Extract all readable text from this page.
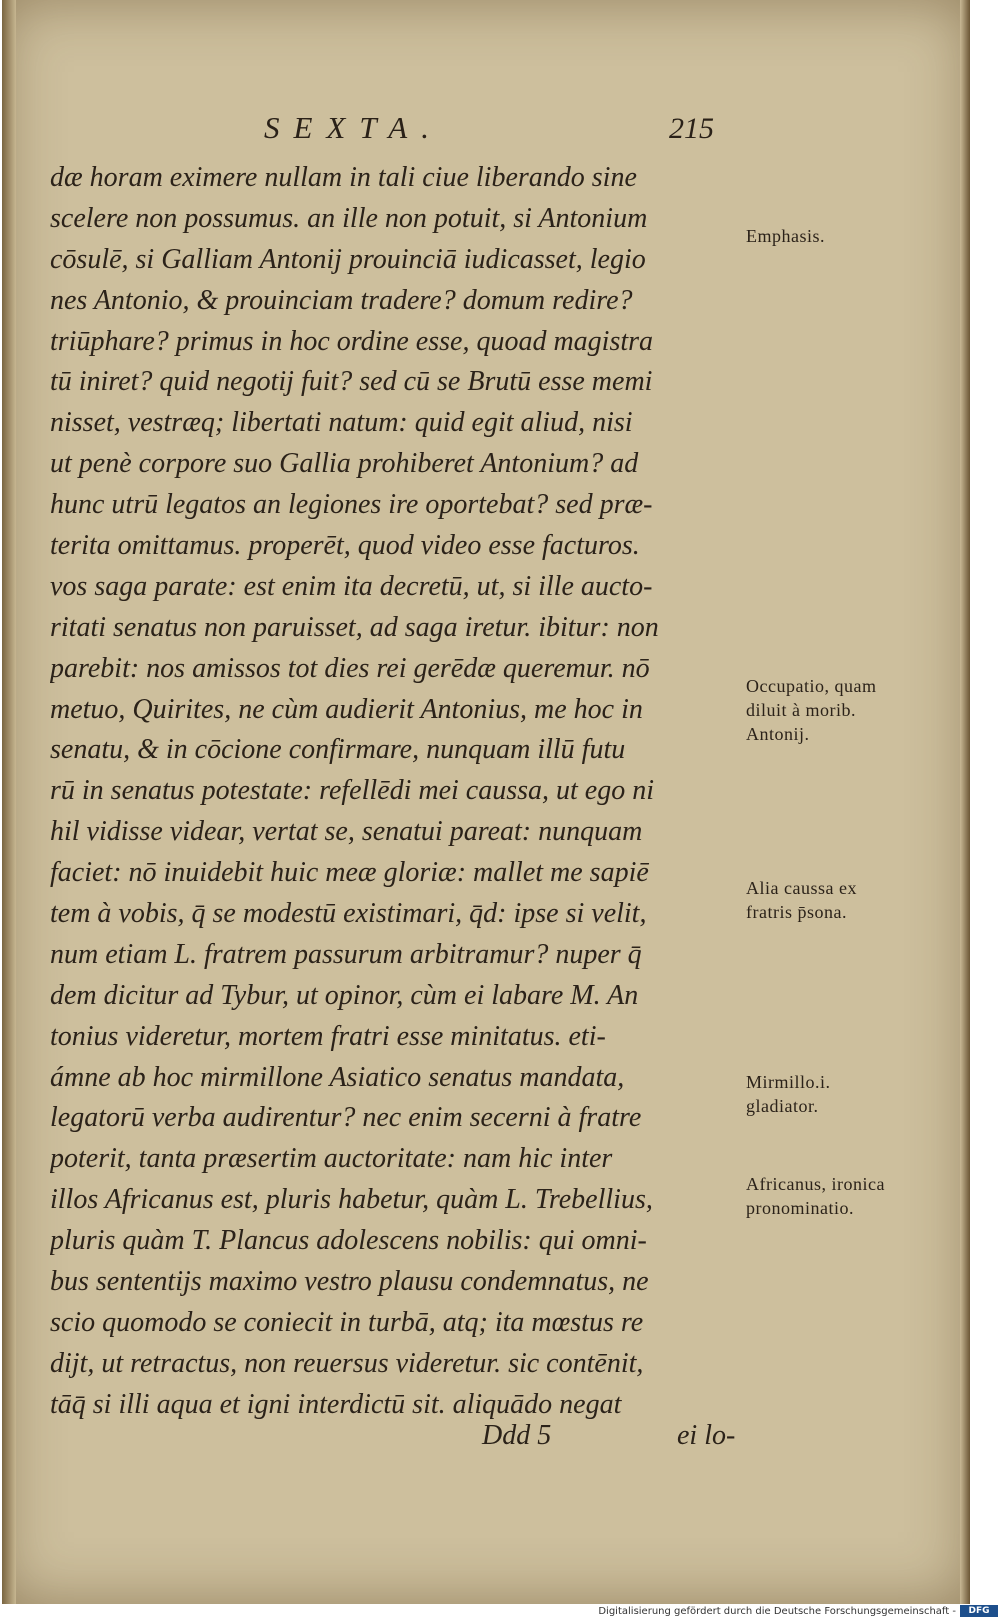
SEXTA.	215
dæ horam eximere nullam in tali ciue liberando sine
scelere non possumus. an ille non potuit, si Antonium
cōsulē, si Galliam Antonij prouinciā iudicasset, legio
nes Antonio, & prouinciam tradere? domum redire?
triūphare? primus in hoc ordine esse, quoad magistra
tū iniret? quid negotij fuit? sed cū se Brutū esse memi
nisset, vestræq; libertati natum: quid egit aliud, nisi
ut penè corpore suo Gallia prohiberet Antonium? ad
hunc utrū legatos an legiones ire oportebat? sed præ-
terita omittamus. properēt, quod video esse facturos.
vos saga parate: est enim ita decretū, ut, si ille aucto-
ritati senatus non paruisset, ad saga iretur. ibitur: non
parebit: nos amissos tot dies rei gerēdæ queremur. nō
metuo, Quirites, ne cùm audierit Antonius, me hoc in
senatu, & in cōcione confirmare, nunquam illū futu
rū in senatus potestate: refellēdi mei caussa, ut ego ni
hil vidisse videar, vertat se, senatui pareat: nunquam
faciet: nō inuidebit huic meæ gloriæ: mallet me sapiē
tem à vobis, q̄ se modestū existimari, q̄d: ipse si velit,
num etiam L. fratrem passurum arbitramur? nuper q̄
dem dicitur ad Tybur, ut opinor, cùm ei labare M. An
tonius videretur, mortem fratri esse minitatus. eti-
ámne ab hoc mirmillone Asiatico senatus mandata,
legatorū verba audirentur? nec enim secerni à fratre
poterit, tanta præsertim auctoritate: nam hic inter
illos Africanus est, pluris habetur, quàm L. Trebellius,
pluris quàm T. Plancus adolescens nobilis: qui omni-
bus sententijs maximo vestro plausu condemnatus, ne
scio quomodo se coniecit in turbā, atq; ita mœstus re
dijt, ut retractus, non reuersus videretur. sic contēnit,
tāq̄ si illi aqua et igni interdictū sit. aliquādo negat
Ddd 5	ei lo-
Emphasis.
Occupatio, quam diluit à morib. Antonij.
Alia caussa ex fratris p̄sona.
Mirmillo.i. gladiator.
Africanus, ironica pronominatio.
Digitalisierung gefördert durch die Deutsche Forschungsgemeinschaft -	DFG
